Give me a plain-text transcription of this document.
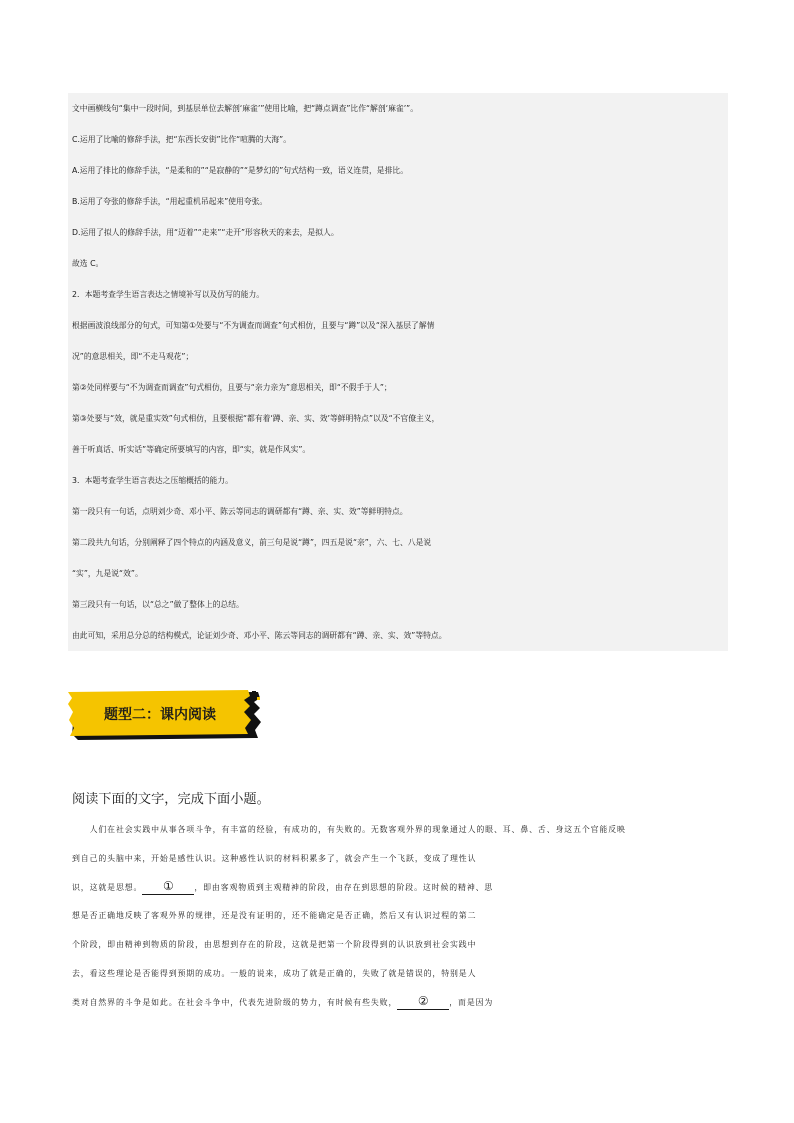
文中画横线句“集中一段时间，到基层单位去解剖‘麻雀’”使用比喻，把“蹲点调查”比作“解剖‘麻雀’”。

C.运用了比喻的修辞手法，把“东西长安街”比作“喧腾的大海”。

A.运用了排比的修辞手法，“是柔和的”“是寂静的”“是梦幻的”句式结构一致，语义连贯，是排比。

B.运用了夸张的修辞手法，“用起重机吊起来”使用夸张。

D.运用了拟人的修辞手法，用“迈着”“走来”“走开”形容秋天的来去，是拟人。

故选 C。

2．本题考查学生语言表达之情境补写以及仿写的能力。

根据画波浪线部分的句式，可知第①处要与“不为调查而调查”句式相仿，且要与“蹲”以及“深入基层了解情

况”的意思相关，即“不走马观花”；

第②处同样要与“不为调查而调查”句式相仿，且要与“亲力亲为”意思相关，即“不假手于人”；

第③处要与“效，就是重实效”句式相仿，且要根据“都有着‘蹲、亲、实、效’等鲜明特点”以及“不官僚主义，

善于听真话、听实话”等确定所要填写的内容，即“实，就是作风实”。

3．本题考查学生语言表达之压缩概括的能力。

第一段只有一句话，点明刘少奇、邓小平、陈云等同志的调研都有“蹲、亲、实、效”等鲜明特点。

第二段共九句话，分别阐释了四个特点的内涵及意义，前三句是说“蹲”，四五是说“亲”，六、七、八是说

“实”，九是说“效”。

第三段只有一句话，以“总之”做了整体上的总结。

由此可知，采用总分总的结构模式，论证刘少奇、邓小平、陈云等同志的调研都有“蹲、亲、实、效”等特点。

题型二：课内阅读

阅读下面的文字，完成下面小题。

　　人们在社会实践中从事各项斗争，有丰富的经验，有成功的，有失败的。无数客观外界的现象通过人的眼、耳、鼻、舌、身这五个官能反映

到自己的头脑中来，开始是感性认识。这种感性认识的材料积累多了，就会产生一个飞跃，变成了理性认

识，这就是思想。 ①	，即由客观物质到主观精神的阶段，由存在到思想的阶段。这时候的精神、思

想是否正确地反映了客观外界的规律，还是没有证明的，还不能确定是否正确，然后又有认识过程的第二

个阶段，即由精神到物质的阶段，由思想到存在的阶段，这就是把第一个阶段得到的认识放到社会实践中

去，看这些理论是否能得到预期的成功。一般的说来，成功了就是正确的，失败了就是错误的，特别是人

类对自然界的斗争是如此。在社会斗争中，代表先进阶级的势力，有时候有些失败， ②	，而是因为
